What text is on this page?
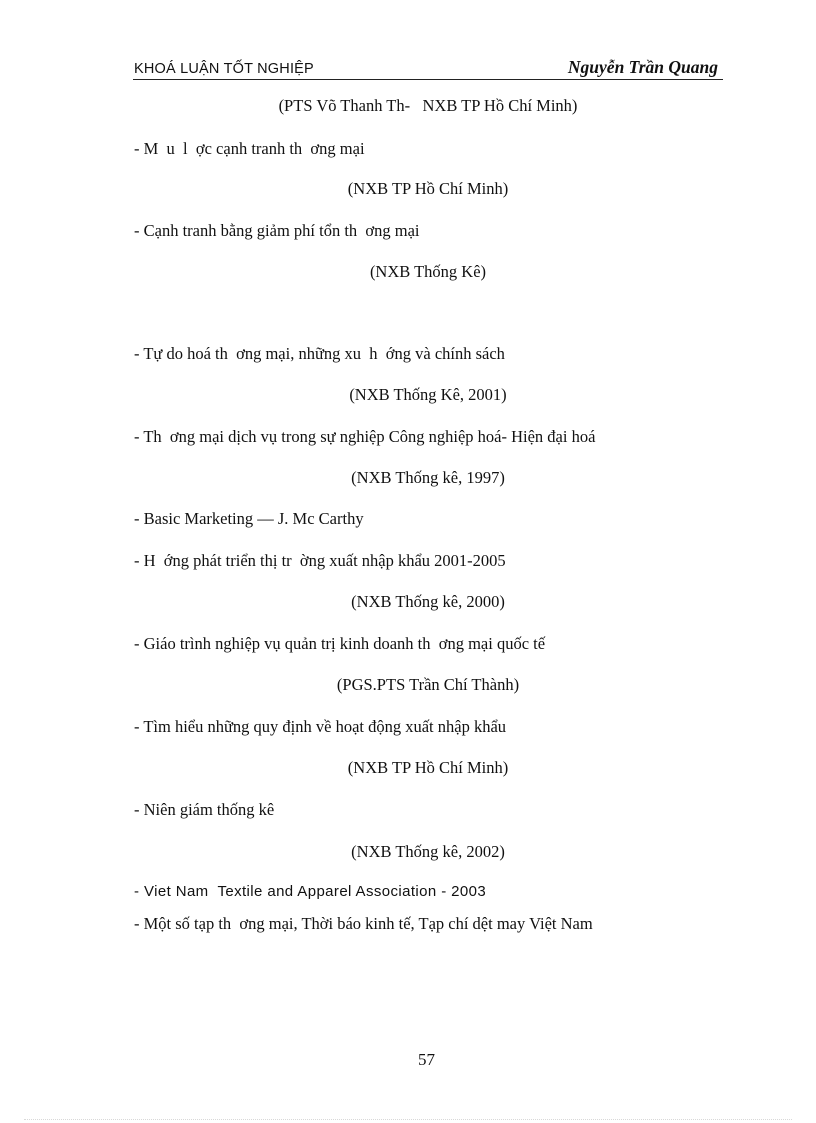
KHOÁ LUẬN TỐT NGHIỆP	Nguyễn Trần Quang
(PTS Võ Thanh Th-   NXB TP Hồ Chí Minh)
- M  u  l  ợc cạnh tranh th  ơng mại
(NXB TP Hồ Chí Minh)
- Cạnh tranh bằng giảm phí tổn th  ơng mại
(NXB Thống Kê)
- Tự do hoá th  ơng mại, những xu  h  ớng và chính sách
(NXB Thống Kê, 2001)
- Th  ơng mại dịch vụ trong sự nghiệp Công nghiệp hoá- Hiện đại hoá
(NXB Thống kê, 1997)
- Basic Marketing — J. Mc Carthy
- H  ớng phát triển thị tr  ờng xuất nhập khẩu 2001-2005
(NXB Thống kê, 2000)
- Giáo trình nghiệp vụ quản trị kinh doanh th  ơng mại quốc tế
(PGS.PTS Trần Chí Thành)
- Tìm hiểu những quy định về hoạt động xuất nhập khẩu
(NXB TP Hồ Chí Minh)
- Niên giám thống kê
(NXB Thống kê, 2002)
- Viet Nam  Textile and Apparel Association - 2003
- Một số tạp th  ơng mại, Thời báo kinh tế, Tạp chí dệt may Việt Nam
57
